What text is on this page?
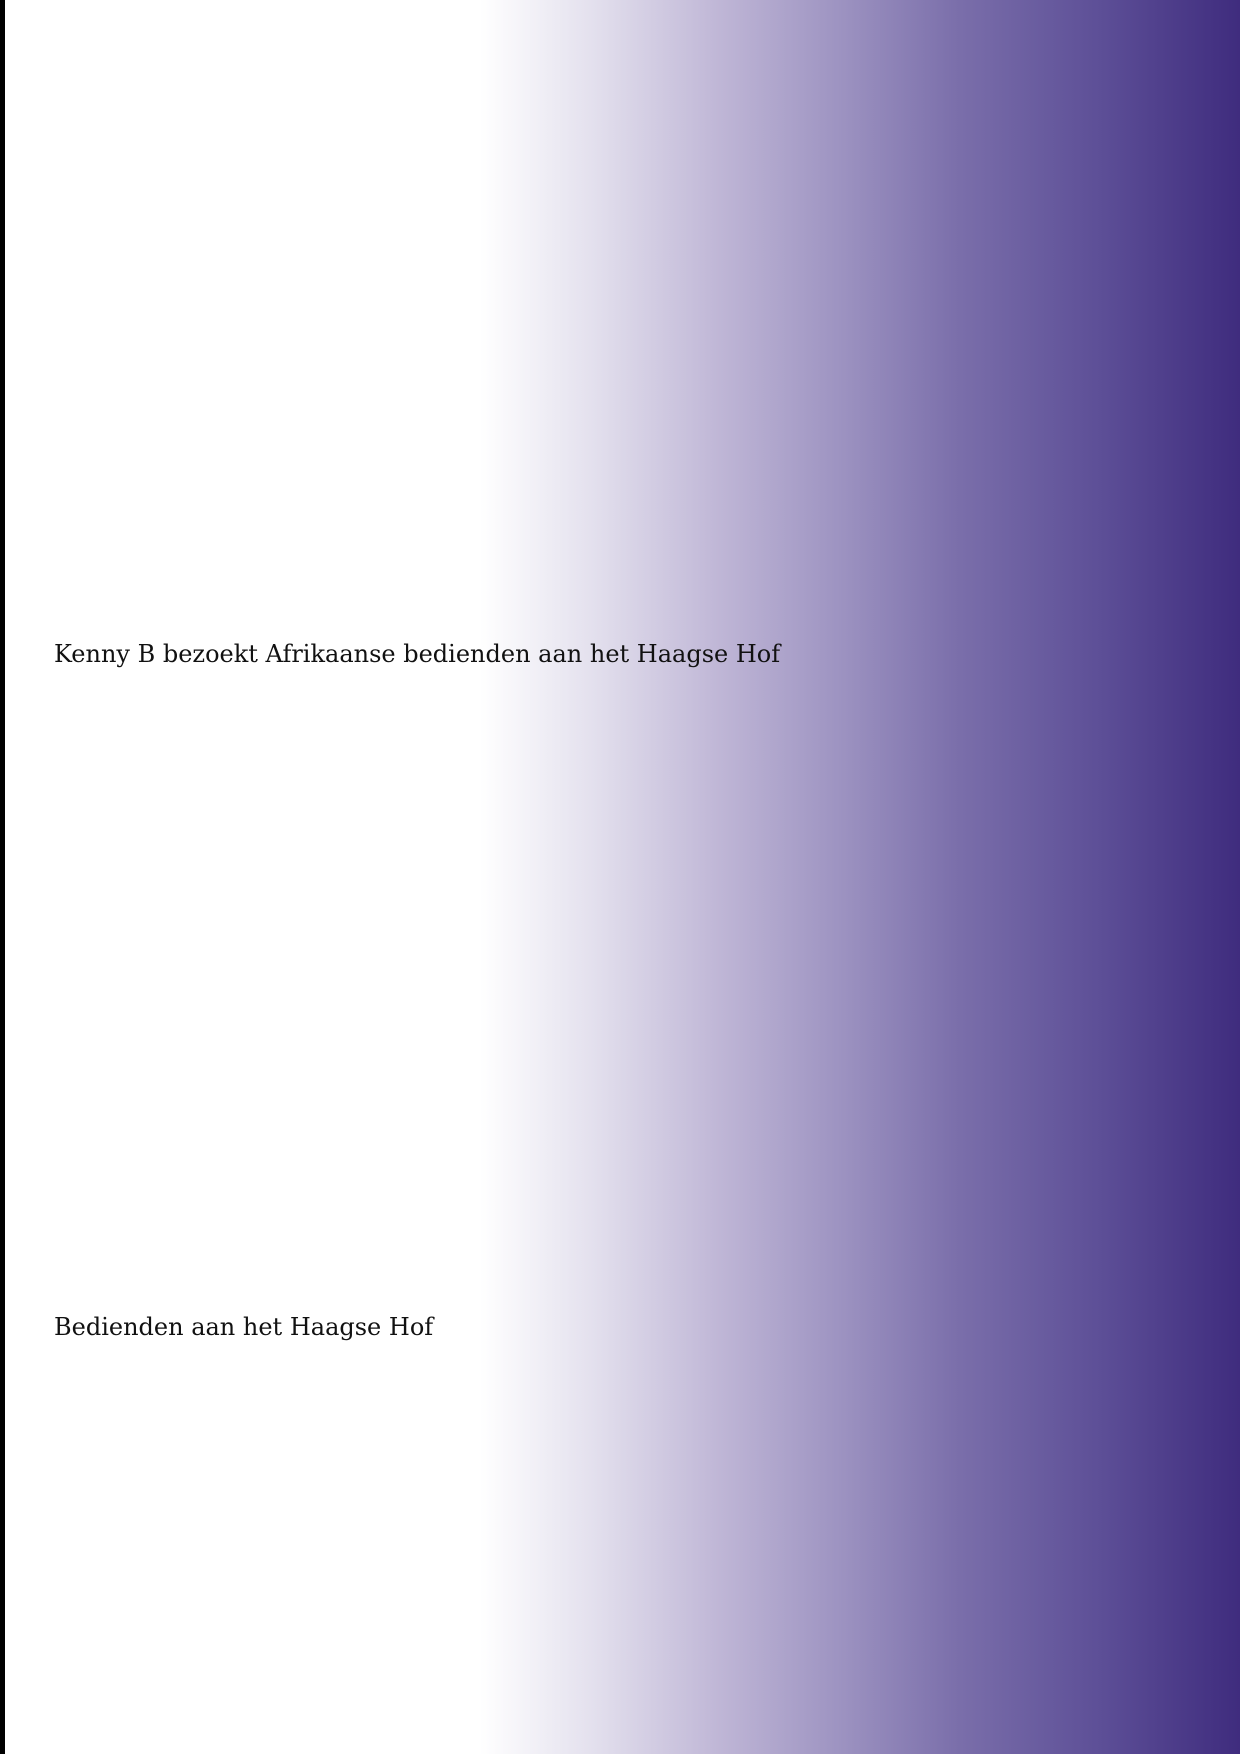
Kenny B bezoekt Afrikaanse bedienden aan het Haagse Hof

Bedienden aan het Haagse Hof
